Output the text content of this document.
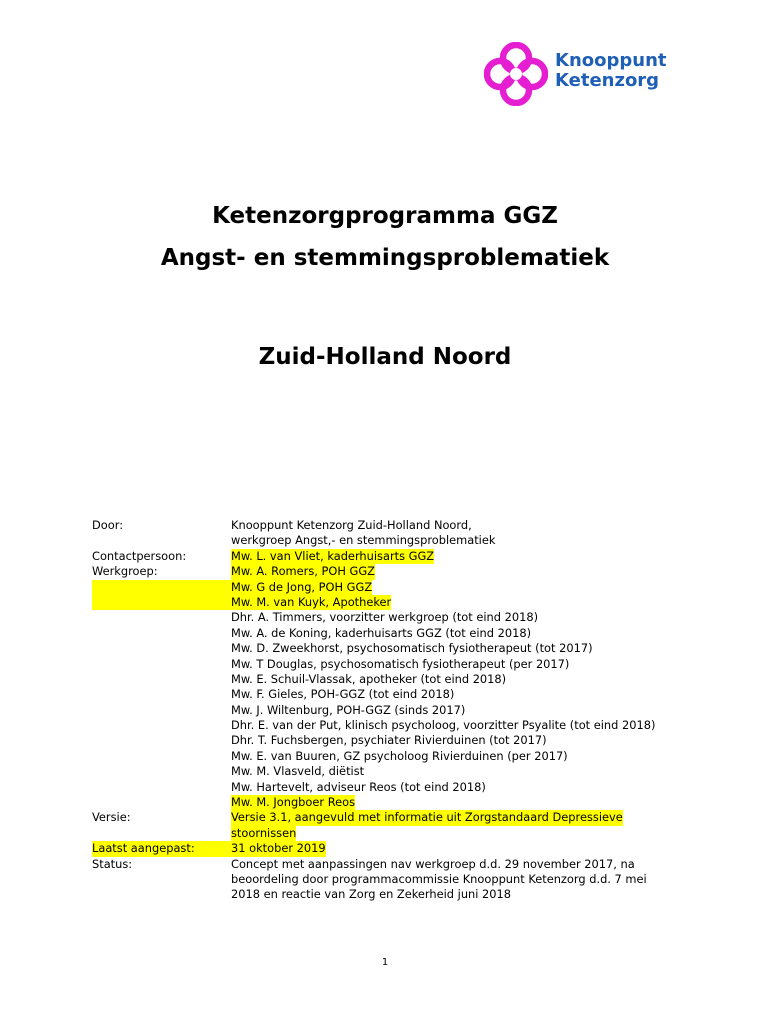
Knooppunt
Ketenzorg
Ketenzorgprogramma GGZ
Angst- en stemmingsproblematiek
Zuid-Holland Noord
Door:	Knooppunt Ketenzorg Zuid-Holland Noord,
werkgroep Angst,- en stemmingsproblematiek
Contactpersoon:	Mw. L. van Vliet, kaderhuisarts GGZ
Werkgroep:	Mw. A. Romers, POH GGZ
Mw. G de Jong, POH GGZ
Mw. M. van Kuyk, Apotheker
Dhr. A. Timmers, voorzitter werkgroep (tot eind 2018)
Mw. A. de Koning, kaderhuisarts GGZ (tot eind 2018)
Mw. D. Zweekhorst, psychosomatisch fysiotherapeut (tot 2017)
Mw. T Douglas, psychosomatisch fysiotherapeut (per 2017)
Mw. E. Schuil-Vlassak, apotheker (tot eind 2018)
Mw. F. Gieles, POH-GGZ (tot eind 2018)
Mw. J. Wiltenburg, POH-GGZ (sinds 2017)
Dhr. E. van der Put, klinisch psycholoog, voorzitter Psyalite (tot eind 2018)
Dhr. T. Fuchsbergen, psychiater Rivierduinen (tot 2017)
Mw. E. van Buuren, GZ psycholoog Rivierduinen (per 2017)
Mw. M. Vlasveld, diëtist
Mw. Hartevelt, adviseur Reos (tot eind 2018)
Mw. M. Jongboer Reos
Versie:	Versie 3.1, aangevuld met informatie uit Zorgstandaard Depressieve
stoornissen
Laatst aangepast:	31 oktober 2019
Status:	Concept met aanpassingen nav werkgroep d.d. 29 november 2017, na
beoordeling door programmacommissie Knooppunt Ketenzorg d.d. 7 mei
2018 en reactie van Zorg en Zekerheid juni 2018
1
